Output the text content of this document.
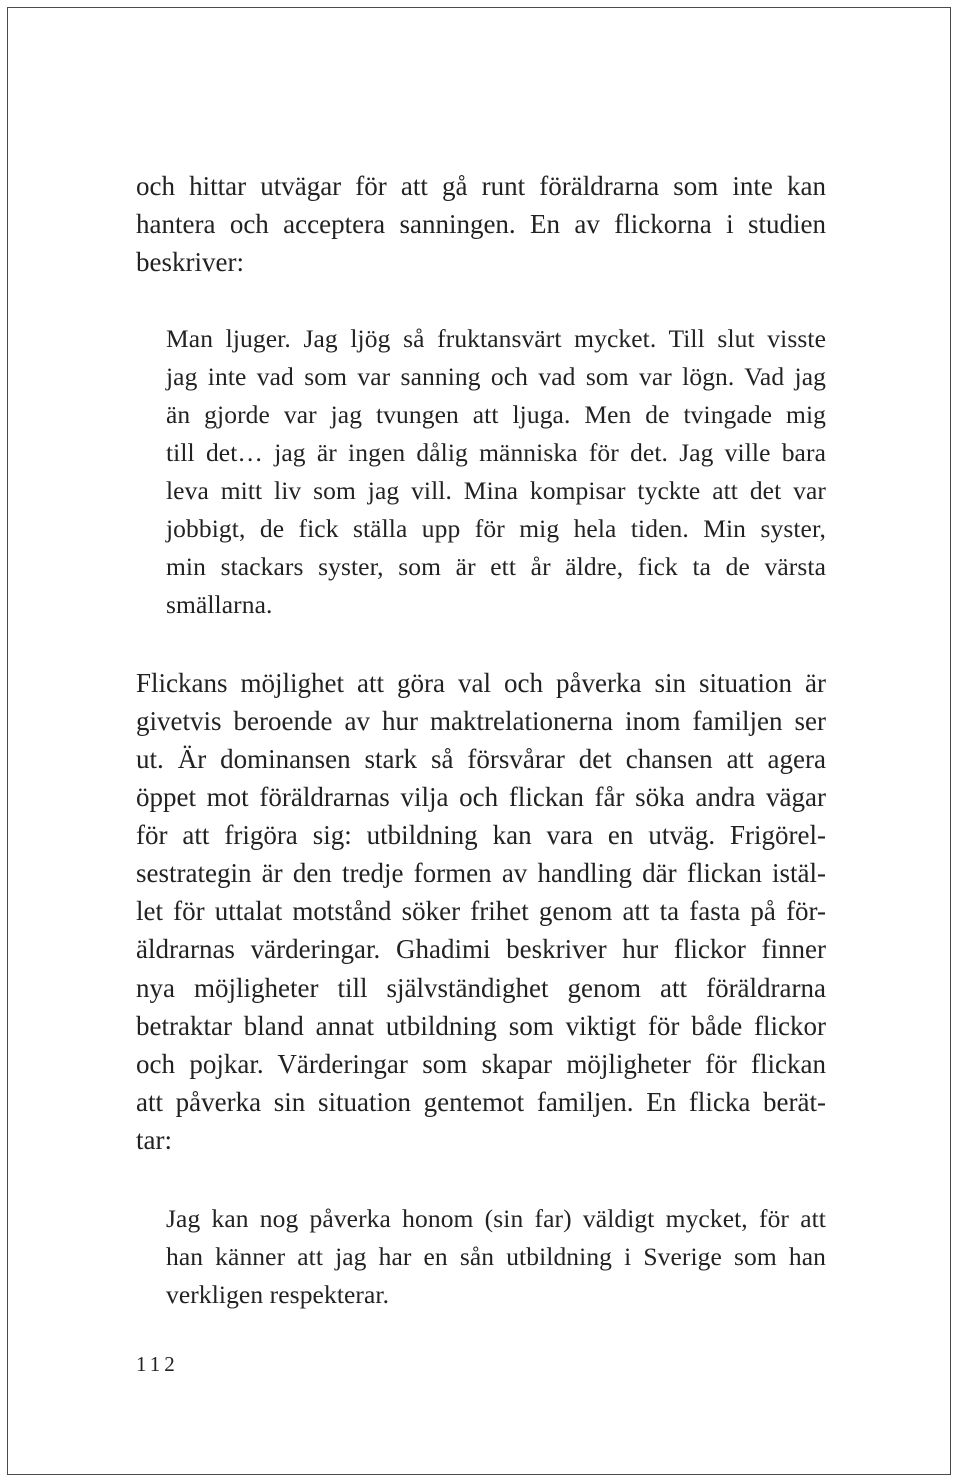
och hittar utvägar för att gå runt föräldrarna som inte kan
hantera och acceptera sanningen. En av flickorna i studien
beskriver:
Man ljuger. Jag ljög så fruktansvärt mycket. Till slut visste
jag inte vad som var sanning och vad som var lögn. Vad jag
än gjorde var jag tvungen att ljuga. Men de tvingade mig
till det… jag är ingen dålig människa för det. Jag ville bara
leva mitt liv som jag vill. Mina kompisar tyckte att det var
jobbigt, de fick ställa upp för mig hela tiden. Min syster,
min stackars syster, som är ett år äldre, fick ta de värsta
smällarna.
Flickans möjlighet att göra val och påverka sin situation är
givetvis beroende av hur maktrelationerna inom familjen ser
ut. Är dominansen stark så försvårar det chansen att agera
öppet mot föräldrarnas vilja och flickan får söka andra vägar
för att frigöra sig: utbildning kan vara en utväg. Frigörel-
sestrategin är den tredje formen av handling där flickan istäl-
let för uttalat motstånd söker frihet genom att ta fasta på för-
äldrarnas värderingar. Ghadimi beskriver hur flickor finner
nya möjligheter till självständighet genom att föräldrarna
betraktar bland annat utbildning som viktigt för både flickor
och pojkar. Värderingar som skapar möjligheter för flickan
att påverka sin situation gentemot familjen. En flicka berät-
tar:
Jag kan nog påverka honom (sin far) väldigt mycket, för att
han känner att jag har en sån utbildning i Sverige som han
verkligen respekterar.
112
